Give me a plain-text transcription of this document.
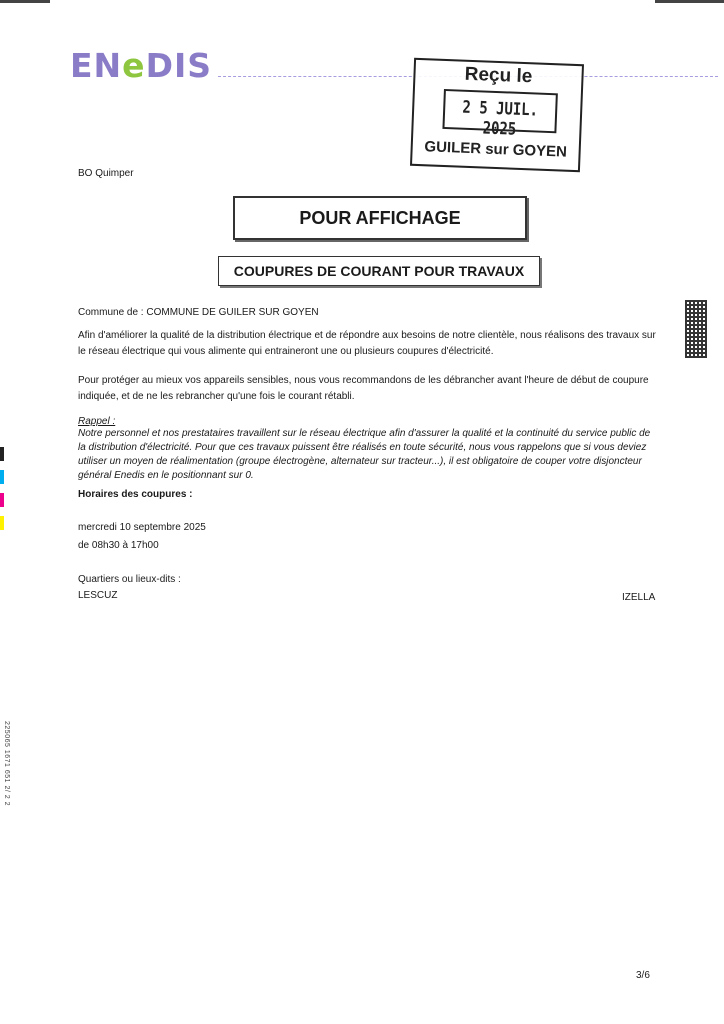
ENeDIS	Reçu le
2 5 JUIL. 2025
GUILER sur GOYEN
BO Quimper
POUR AFFICHAGE
COUPURES DE COURANT POUR TRAVAUX
Commune de : COMMUNE DE GUILER SUR GOYEN
Afin d'améliorer la qualité de la distribution électrique et de répondre aux besoins de notre clientèle, nous réalisons des travaux sur le réseau électrique qui vous alimente qui entraineront une ou plusieurs coupures d'électricité.
Pour protéger au mieux vos appareils sensibles, nous vous recommandons de les débrancher avant l'heure de début de coupure indiquée, et de ne les rebrancher qu'une fois le courant rétabli.
Rappel :
Notre personnel et nos prestataires travaillent sur le réseau électrique afin d'assurer la qualité et la continuité du service public de la distribution d'électricité. Pour que ces travaux puissent être réalisés en toute sécurité, nous vous rappelons que si vous deviez utiliser un moyen de réalimentation (groupe électrogène, alternateur sur tracteur...), il est obligatoire de couper votre disjoncteur général Enedis en le positionnant sur 0.
Horaires des coupures :
mercredi 10 septembre 2025
de 08h30 à 17h00
Quartiers ou lieux-dits :
LESCUZ	IZELLA
3/6
225065 1671 651 2/ 2 2
